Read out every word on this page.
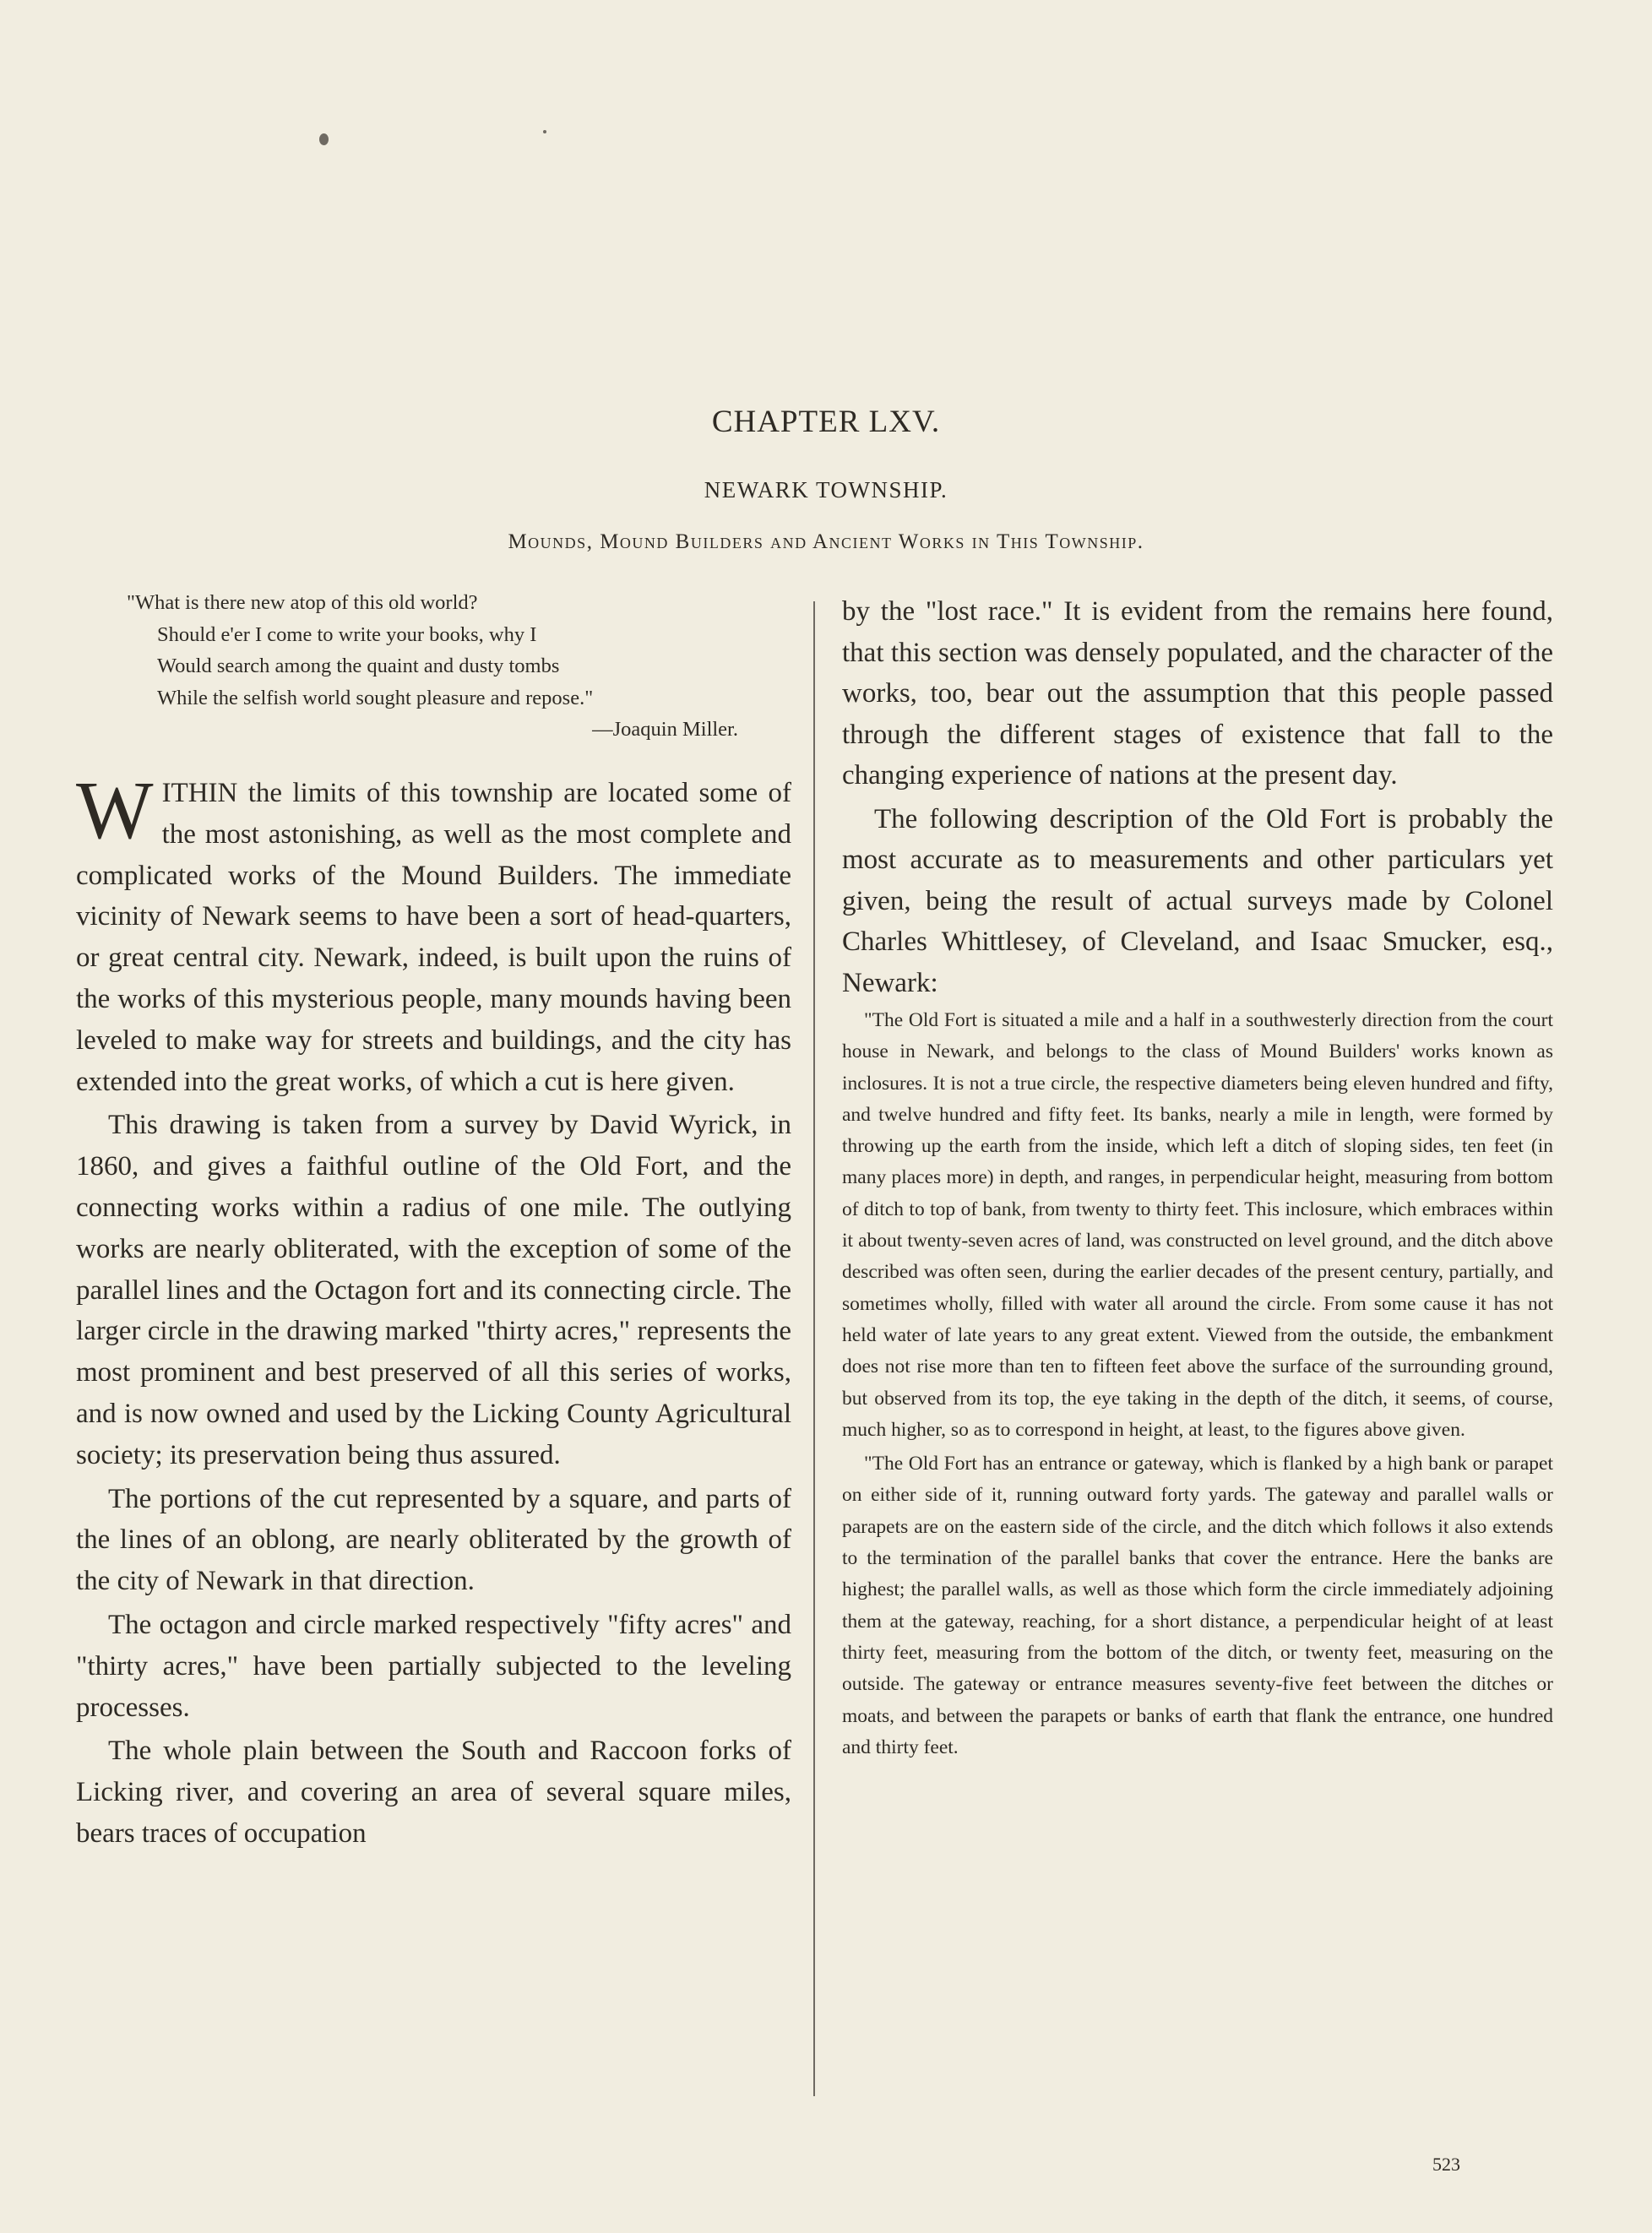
CHAPTER LXV.
NEWARK TOWNSHIP.
Mounds, Mound Builders and Ancient Works in This Township.
"What is there new atop of this old world?
Should e'er I come to write your books, why I
Would search among the quaint and dusty tombs
While the selfish world sought pleasure and repose."
—Joaquin Miller.

WITHIN the limits of this township are located some of the most astonishing, as well as the most complete and complicated works of the Mound Builders. The immediate vicinity of Newark seems to have been a sort of head-quarters, or great central city. Newark, indeed, is built upon the ruins of the works of this mysterious people, many mounds having been leveled to make way for streets and buildings, and the city has extended into the great works, of which a cut is here given.

This drawing is taken from a survey by David Wyrick, in 1860, and gives a faithful outline of the Old Fort, and the connecting works within a radius of one mile. The outlying works are nearly obliterated, with the exception of some of the parallel lines and the Octagon fort and its connecting circle. The larger circle in the drawing marked "thirty acres," represents the most prominent and best preserved of all this series of works, and is now owned and used by the Licking County Agricultural society; its preservation being thus assured.

The portions of the cut represented by a square, and parts of the lines of an oblong, are nearly obliterated by the growth of the city of Newark in that direction.

The octagon and circle marked respectively "fifty acres" and "thirty acres," have been partially subjected to the leveling processes.

The whole plain between the South and Raccoon forks of Licking river, and covering an area of several square miles, bears traces of occupation

by the "lost race." It is evident from the remains here found, that this section was densely populated, and the character of the works, too, bear out the assumption that this people passed through the different stages of existence that fall to the changing experience of nations at the present day.

The following description of the Old Fort is probably the most accurate as to measurements and other particulars yet given, being the result of actual surveys made by Colonel Charles Whittlesey, of Cleveland, and Isaac Smucker, esq., Newark:

"The Old Fort is situated a mile and a half in a southwesterly direction from the court house in Newark, and belongs to the class of Mound Builders' works known as inclosures. It is not a true circle, the respective diameters being eleven hundred and fifty, and twelve hundred and fifty feet. Its banks, nearly a mile in length, were formed by throwing up the earth from the inside, which left a ditch of sloping sides, ten feet (in many places more) in depth, and ranges, in perpendicular height, measuring from bottom of ditch to top of bank, from twenty to thirty feet. This inclosure, which embraces within it about twenty-seven acres of land, was constructed on level ground, and the ditch above described was often seen, during the earlier decades of the present century, partially, and sometimes wholly, filled with water all around the circle. From some cause it has not held water of late years to any great extent. Viewed from the outside, the embankment does not rise more than ten to fifteen feet above the surface of the surrounding ground, but observed from its top, the eye taking in the depth of the ditch, it seems, of course, much higher, so as to correspond in height, at least, to the figures above given.

"The Old Fort has an entrance or gateway, which is flanked by a high bank or parapet on either side of it, running outward forty yards. The gateway and parallel walls or parapets are on the eastern side of the circle, and the ditch which follows it also extends to the termination of the parallel banks that cover the entrance. Here the banks are highest; the parallel walls, as well as those which form the circle immediately adjoining them at the gateway, reaching, for a short distance, a perpendicular height of at least thirty feet, measuring from the bottom of the ditch, or twenty feet, measuring on the outside. The gateway or entrance measures seventy-five feet between the ditches or moats, and between the parapets or banks of earth that flank the entrance, one hundred and thirty feet.

523
